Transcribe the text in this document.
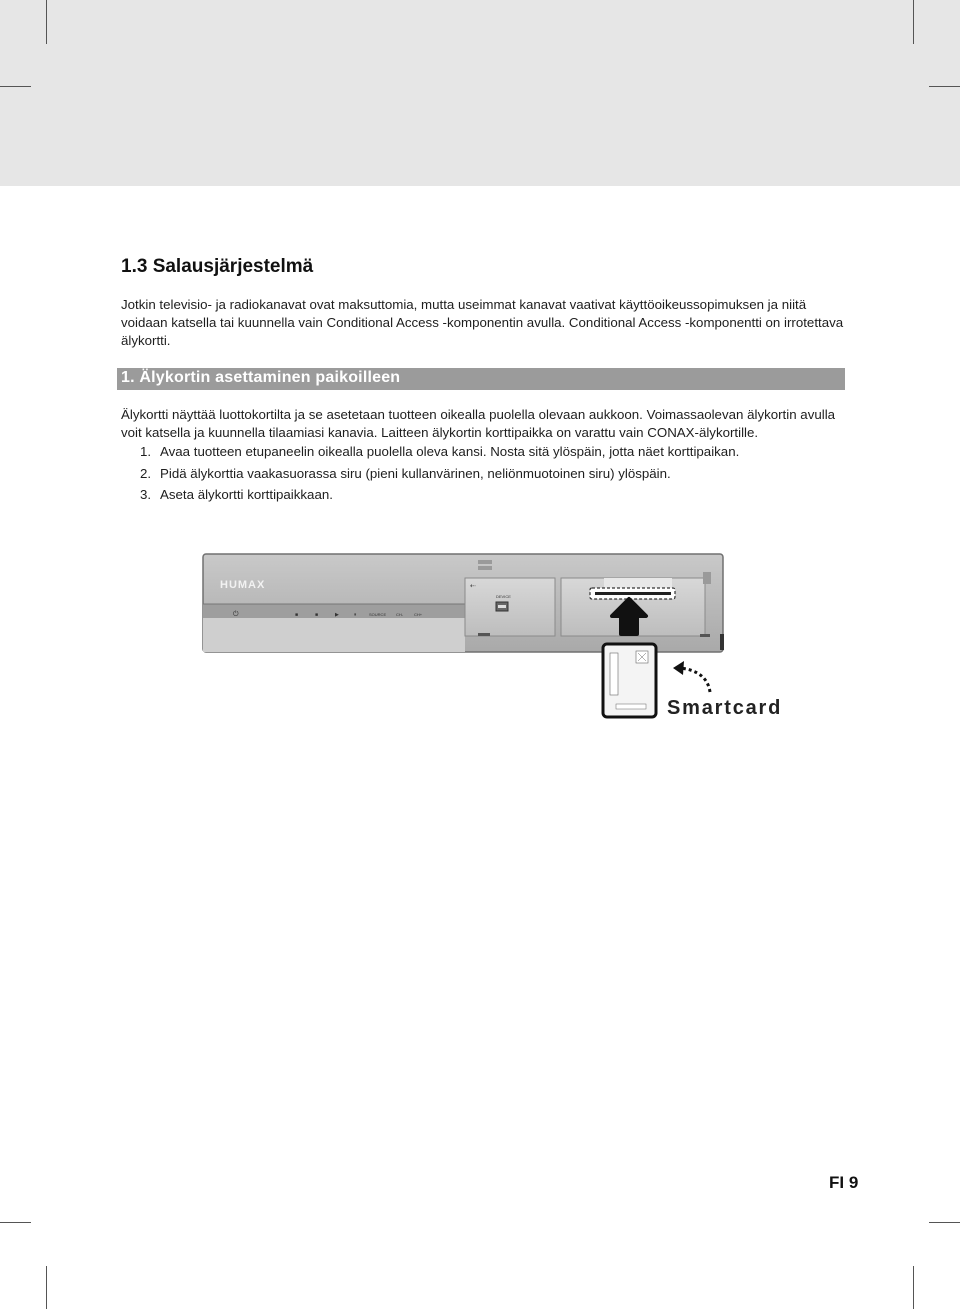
1.3 Salausjärjestelmä

Jotkin televisio- ja radiokanavat ovat maksuttomia, mutta useimmat kanavat vaativat käyttöoikeussopimuksen ja niitä voidaan katsella tai kuunnella vain Conditional Access -komponentin avulla. Conditional Access -komponentti on irrotettava älykortti.

1. Älykortin asettaminen paikoilleen

Älykortti näyttää luottokortilta ja se asetetaan tuotteen oikealla puolella olevaan aukkoon. Voimassaolevan älykortin avulla voit katsella ja kuunnella tilaamiasi kanavia. Laitteen älykortin korttipaikka on varattu vain CONAX-älykortille.

1. Avaa tuotteen etupaneelin oikealla puolella oleva kansi. Nosta sitä ylöspäin, jotta näet korttipaikan.
2. Pidä älykorttia vaakasuorassa siru (pieni kullanvärinen, neliönmuotoinen siru) ylöspäin.
3. Aseta älykortti korttipaikkaan.
HUMAX
⏻	■	■	▶	⏸	SOURCE CH-	CH+
⇠
DEVICE
Smartcard
FI 9
